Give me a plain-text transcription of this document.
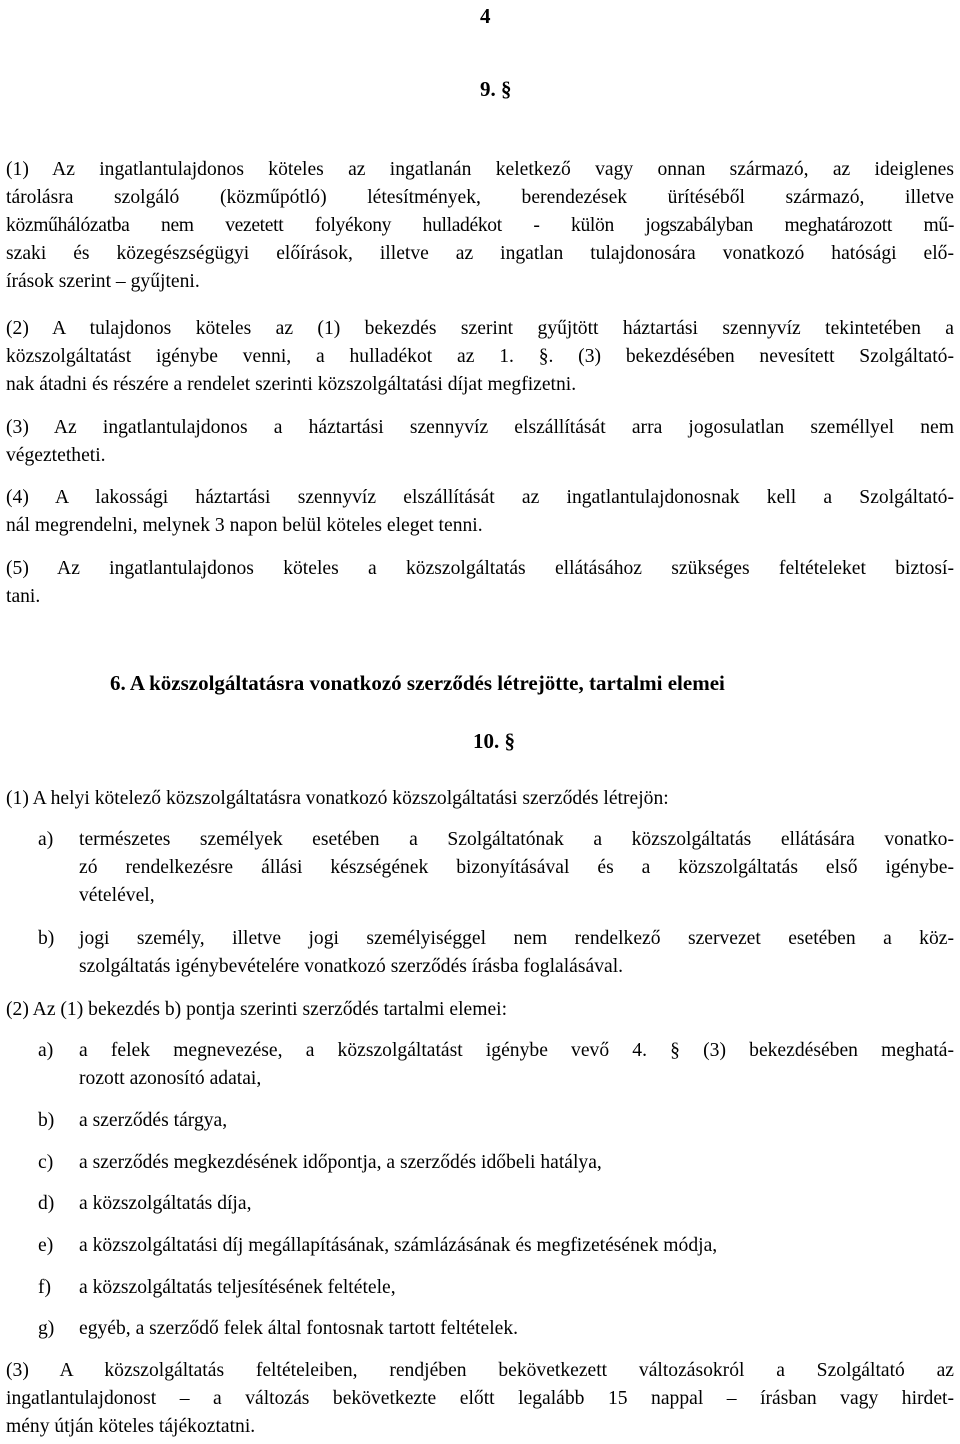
4
9. §
(1) Az ingatlantulajdonos köteles az ingatlanán keletkező vagy onnan származó, az ideiglenes
tárolásra szolgáló (közműpótló) létesítmények, berendezések ürítéséből származó, illetve
közműhálózatba nem vezetett folyékony hulladékot - külön jogszabályban meghatározott mű-
szaki és közegészségügyi előírások, illetve az ingatlan tulajdonosára vonatkozó hatósági elő-
írások szerint – gyűjteni.
(2) A tulajdonos köteles az (1) bekezdés szerint gyűjtött háztartási szennyvíz tekintetében a
közszolgáltatást igénybe venni, a hulladékot az 1. §. (3) bekezdésében nevesített Szolgáltató-
nak átadni és részére a rendelet szerinti közszolgáltatási díjat megfizetni.
(3) Az ingatlantulajdonos a háztartási szennyvíz elszállítását arra jogosulatlan személlyel nem
végeztetheti.
(4) A lakossági háztartási szennyvíz elszállítását az ingatlantulajdonosnak kell a Szolgáltató-
nál megrendelni, melynek 3 napon belül köteles eleget tenni.
(5) Az ingatlantulajdonos köteles a közszolgáltatás ellátásához szükséges feltételeket biztosí-
tani.
6. A közszolgáltatásra vonatkozó szerződés létrejötte, tartalmi elemei
10. §
(1) A helyi kötelező közszolgáltatásra vonatkozó közszolgáltatási szerződés létrejön:
a)	természetes személyek esetében a Szolgáltatónak a közszolgáltatás ellátására vonatko-
zó rendelkezésre állási készségének bizonyításával és a közszolgáltatás első igénybe-
vételével,
b)	jogi személy, illetve jogi személyiséggel nem rendelkező szervezet esetében a köz-
szolgáltatás igénybevételére vonatkozó szerződés írásba foglalásával.
(2) Az (1) bekezdés b) pontja szerinti szerződés tartalmi elemei:
a)	a felek megnevezése, a közszolgáltatást igénybe vevő 4. § (3) bekezdésében meghatá-
rozott azonosító adatai,
b)	a szerződés tárgya,
c)	a szerződés megkezdésének időpontja, a szerződés időbeli hatálya,
d)	a közszolgáltatás díja,
e)	a közszolgáltatási díj megállapításának, számlázásának és megfizetésének módja,
f)	a közszolgáltatás teljesítésének feltétele,
g)	egyéb, a szerződő felek által fontosnak tartott feltételek.
(3) A közszolgáltatás feltételeiben, rendjében bekövetkezett változásokról a Szolgáltató az
ingatlantulajdonost – a változás bekövetkezte előtt legalább 15 nappal – írásban vagy hirdet-
mény útján köteles tájékoztatni.
